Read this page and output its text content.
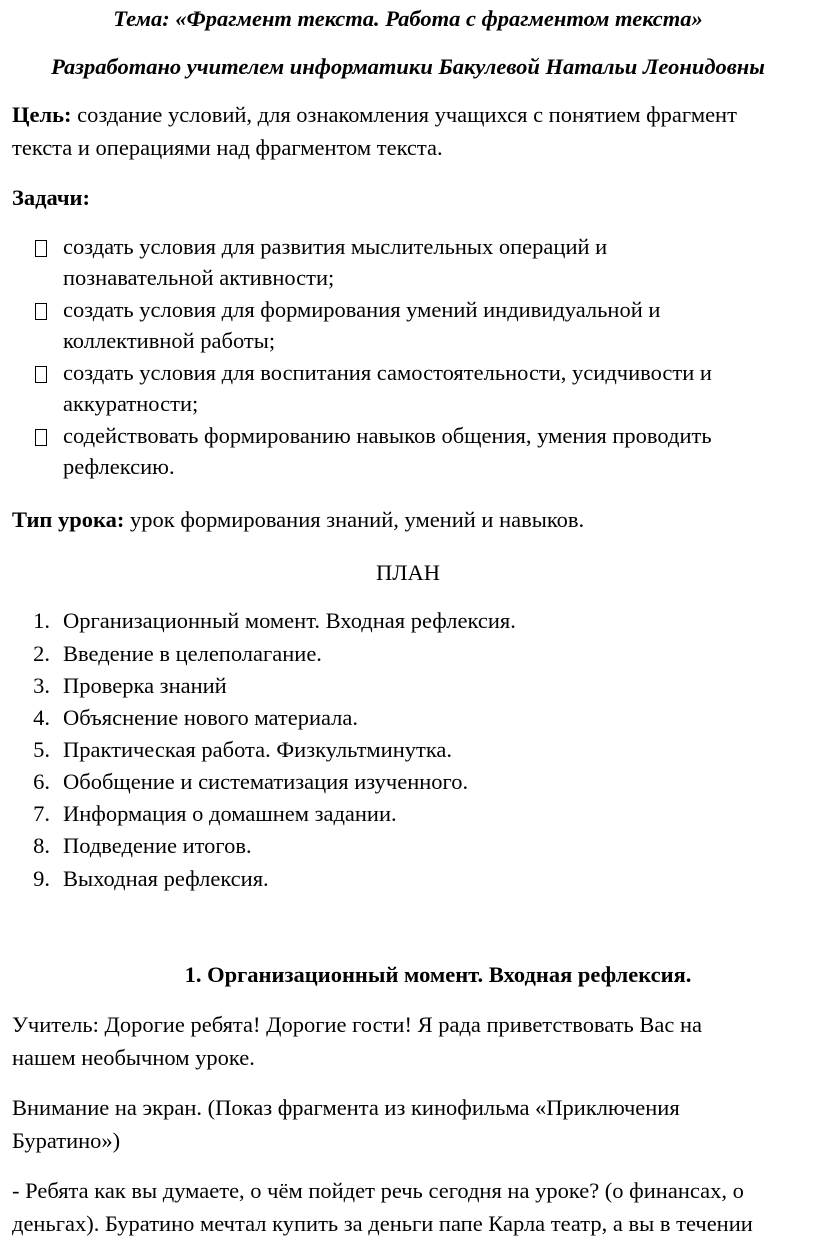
Тема: «Фрагмент текста. Работа с фрагментом текста»
Разработано учителем информатики Бакулевой Натальи Леонидовны
Цель: создание условий, для ознакомления учащихся с понятием фрагмент
текста и операциями над фрагментом текста.
Задачи:
создать условия для развития мыслительных операций и
познавательной активности;
создать условия для формирования умений индивидуальной и
коллективной работы;
создать условия для воспитания самостоятельности, усидчивости и
аккуратности;
содействовать формированию навыков общения, умения проводить
рефлексию.
Тип урока: урок формирования знаний, умений и навыков.
ПЛАН
1. Организационный момент. Входная рефлексия.
2. Введение в целеполагание.
3. Проверка знаний
4. Объяснение нового материала.
5. Практическая работа. Физкультминутка.
6. Обобщение и систематизация изученного.
7. Информация о домашнем задании.
8. Подведение итогов.
9. Выходная рефлексия.
1. Организационный момент. Входная рефлексия.
Учитель: Дорогие ребята! Дорогие гости! Я рада приветствовать Вас на
нашем необычном уроке.
Внимание на экран. (Показ фрагмента из кинофильма «Приключения
Буратино»)
- Ребята как вы думаете, о чём пойдет речь сегодня на уроке? (о финансах, о
деньгах). Буратино мечтал купить за деньги папе Карла театр, а вы в течении
